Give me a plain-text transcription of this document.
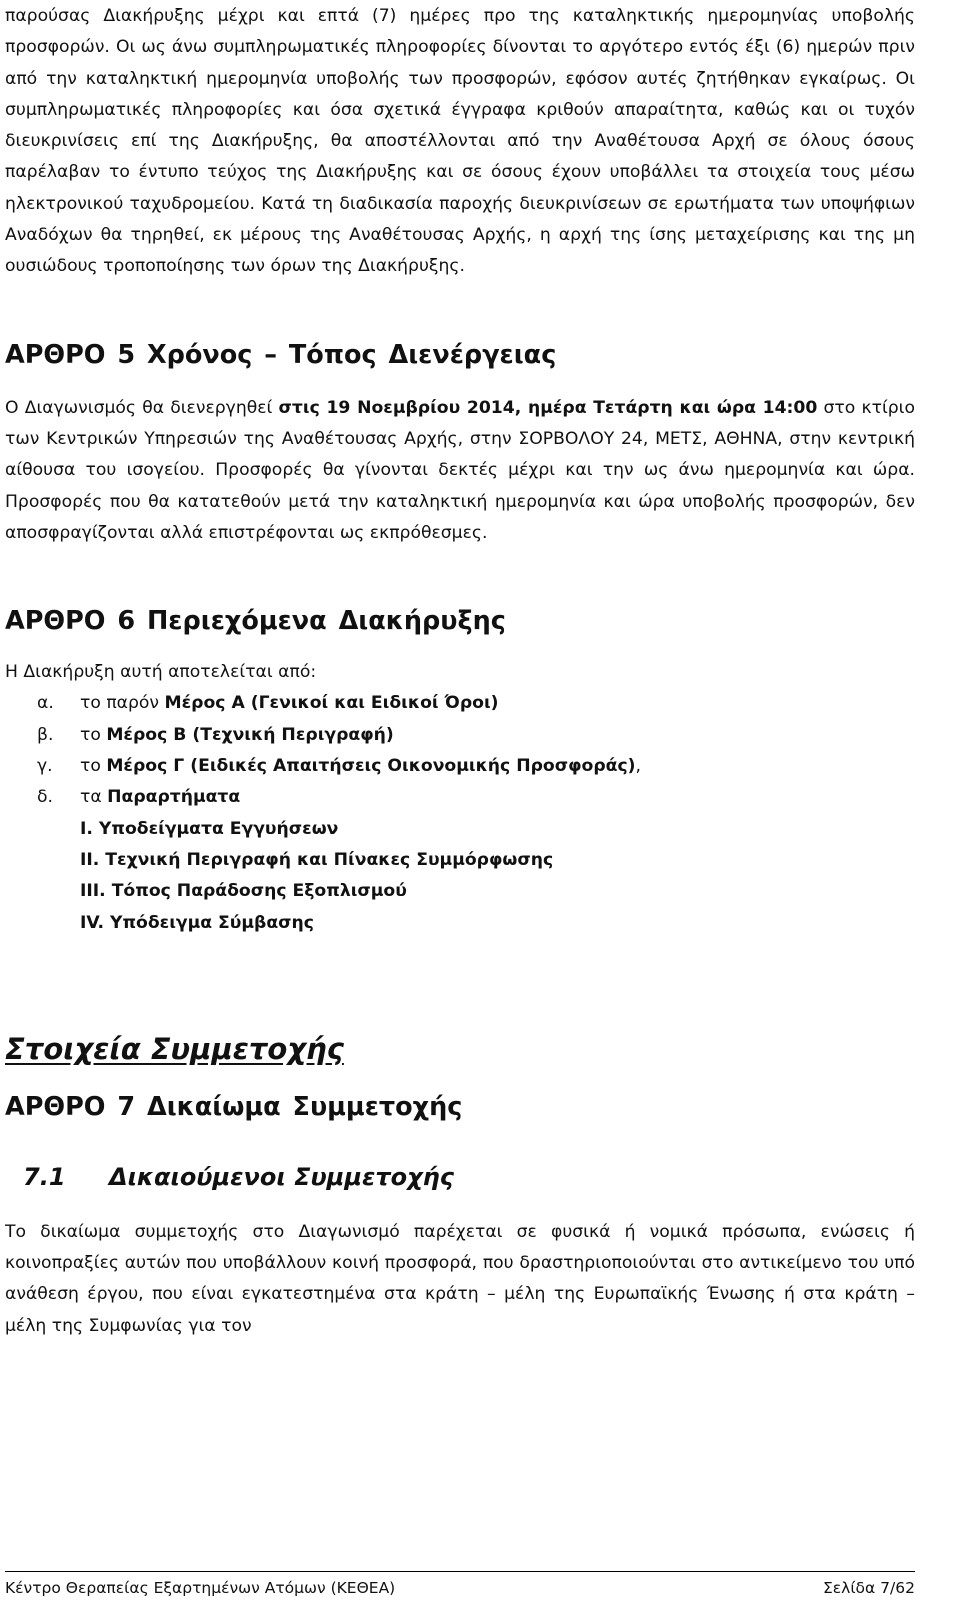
παρούσας Διακήρυξης μέχρι και επτά (7) ημέρες προ της καταληκτικής ημερομηνίας υποβολής προσφορών. Οι ως άνω συμπληρωματικές πληροφορίες δίνονται το αργότερο εντός έξι (6) ημερών πριν από την καταληκτική ημερομηνία υποβολής των προσφορών, εφόσον αυτές ζητήθηκαν εγκαίρως. Οι συμπληρωματικές πληροφορίες και όσα σχετικά έγγραφα κριθούν απαραίτητα, καθώς και οι τυχόν διευκρινίσεις επί της Διακήρυξης, θα αποστέλλονται από την Αναθέτουσα Αρχή σε όλους όσους παρέλαβαν το έντυπο τεύχος της Διακήρυξης και σε όσους έχουν υποβάλλει τα στοιχεία τους μέσω ηλεκτρονικού ταχυδρομείου. Κατά τη διαδικασία παροχής διευκρινίσεων σε ερωτήματα των υποψήφιων Αναδόχων θα τηρηθεί, εκ μέρους της Αναθέτουσας Αρχής, η αρχή της ίσης μεταχείρισης και της μη ουσιώδους τροποποίησης των όρων της Διακήρυξης.

ΑΡΘΡΟ 5 Χρόνος – Τόπος Διενέργειας

Ο Διαγωνισμός θα διενεργηθεί στις 19 Νοεμβρίου 2014, ημέρα Τετάρτη και ώρα 14:00 στο κτίριο των Κεντρικών Υπηρεσιών της Αναθέτουσας Αρχής, στην ΣΟΡΒΟΛΟΥ 24, ΜΕΤΣ, ΑΘΗΝΑ, στην κεντρική αίθουσα του ισογείου. Προσφορές θα γίνονται δεκτές μέχρι και την ως άνω ημερομηνία και ώρα. Προσφορές που θα κατατεθούν μετά την καταληκτική ημερομηνία και ώρα υποβολής προσφορών, δεν αποσφραγίζονται αλλά επιστρέφονται ως εκπρόθεσμες.

ΑΡΘΡΟ 6 Περιεχόμενα Διακήρυξης
Η Διακήρυξη αυτή αποτελείται από:
α.	το παρόν Μέρος Α (Γενικοί και Ειδικοί Όροι)
β.	το Μέρος Β (Τεχνική Περιγραφή)
γ.	το Μέρος Γ (Ειδικές Απαιτήσεις Οικονομικής Προσφοράς),
δ.	τα Παραρτήματα
Ι. Υποδείγματα Εγγυήσεων
ΙΙ. Τεχνική Περιγραφή και Πίνακες Συμμόρφωσης
ΙΙΙ. Τόπος Παράδοσης Εξοπλισμού
IV. Υπόδειγμα Σύμβασης
Στοιχεία Συμμετοχής
ΑΡΘΡΟ 7 Δικαίωμα Συμμετοχής
7.1 Δικαιούμενοι Συμμετοχής

Το δικαίωμα συμμετοχής στο Διαγωνισμό παρέχεται σε φυσικά ή νομικά πρόσωπα, ενώσεις ή κοινοπραξίες αυτών που υποβάλλουν κοινή προσφορά, που δραστηριοποιούνται στο αντικείμενο του υπό ανάθεση έργου, που είναι εγκατεστημένα στα κράτη – μέλη της Ευρωπαϊκής Ένωσης ή στα κράτη – μέλη της Συμφωνίας για τον

Κέντρο Θεραπείας Εξαρτημένων Ατόμων (ΚΕΘΕΑ)	Σελίδα 7/62
